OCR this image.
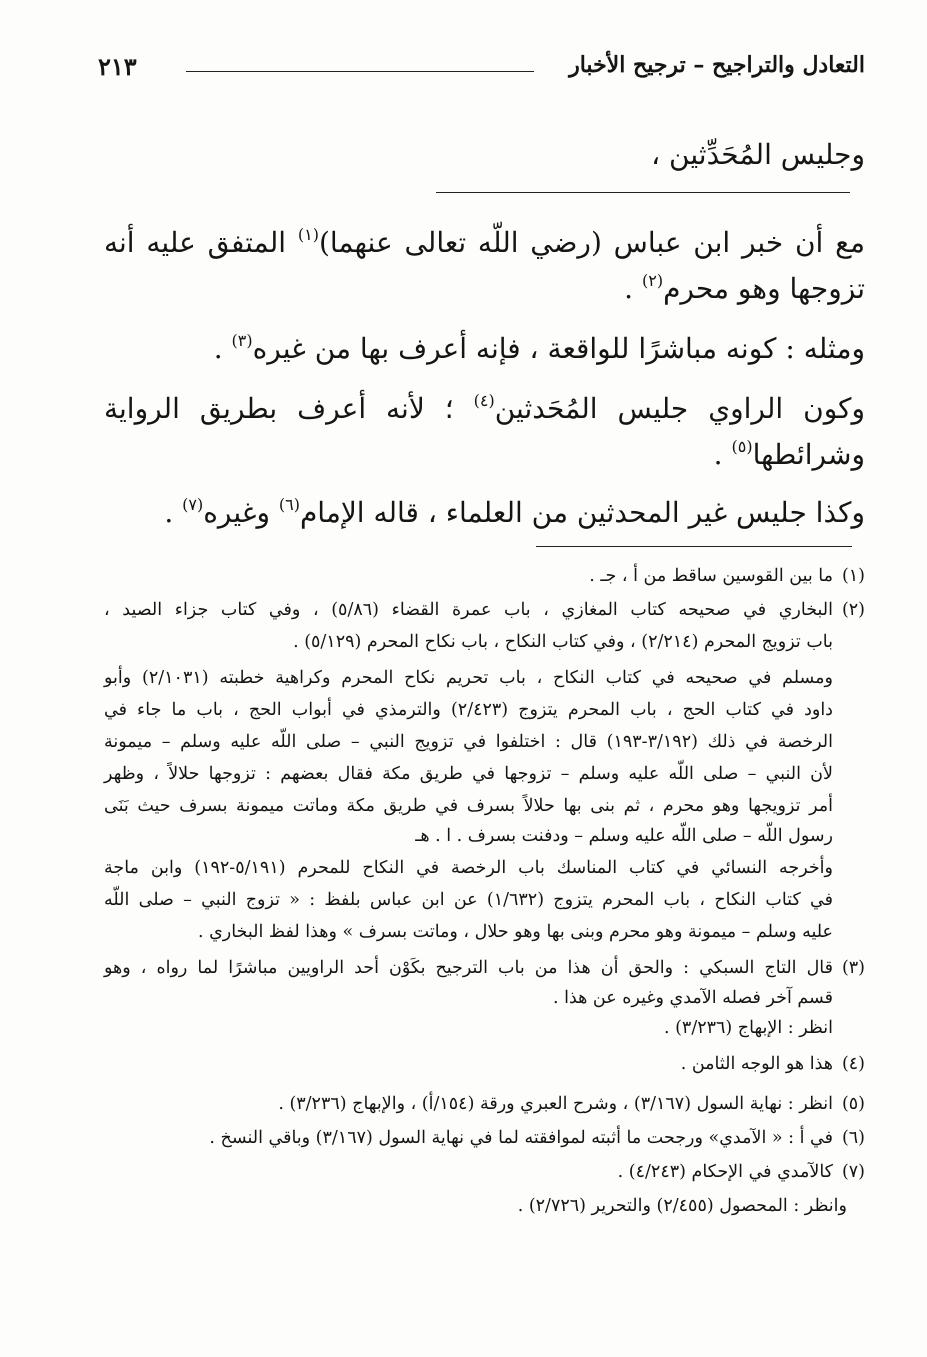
التعادل والتراجيح – ترجيح الأخبار
٢١٣
وجليس المُحَدِّثين ،
مع أن خبر ابن عباس (رضي اللّه تعالى عنهما)$^{(١)}$ المتفق عليه أنه
تزوجها وهو محرم$^{(٢)}$ .
ومثله : كونه مباشرًا للواقعة ، فإنه أعرف بها من غيره$^{(٣)}$ .
وكون الراوي جليس المُحَدثين$^{(٤)}$ ؛ لأنه أعرف بطريق الرواية
وشرائطها$^{(٥)}$ .
وكذا جليس غير المحدثين من العلماء ، قاله الإمام$^{(٦)}$ وغيره$^{(٧)}$ .
(١)ما بين القوسين ساقط من أ ، جـ .
(٢)البخاري في صحيحه كتاب المغازي ، باب عمرة القضاء (٥/٨٦) ، وفي كتاب جزاء الصيد ،
باب تزويج المحرم (٢/٢١٤) ، وفي كتاب النكاح ، باب نكاح المحرم (٥/١٢٩) .
ومسلم في صحيحه في كتاب النكاح ، باب تحريم نكاح المحرم وكراهية خطبته (٢/١٠٣١) وأبو
داود في كتاب الحج ، باب المحرم يتزوج (٢/٤٢٣) والترمذي في أبواب الحج ، باب ما جاء في
الرخصة في ذلك (٣/١٩٢-١٩٣) قال : اختلفوا في تزويج النبي – صلى اللّه عليه وسلم – ميمونة
لأن النبي – صلى اللّه عليه وسلم – تزوجها في طريق مكة فقال بعضهم : تزوجها حلالاً ، وظهر
أمر تزويجها وهو محرم ، ثم بنى بها حلالاً بسرف في طريق مكة وماتت ميمونة بسرف حيث بَنَى
رسول اللّه – صلى اللّه عليه وسلم – ودفنت بسرف . ا . هـ
وأخرجه النسائي في كتاب المناسك باب الرخصة في النكاح للمحرم (٥/١٩١-١٩٢) وابن ماجة
في كتاب النكاح ، باب المحرم يتزوج (١/٦٣٢) عن ابن عباس بلفظ : « تزوج النبي – صلى اللّه
عليه وسلم – ميمونة وهو محرم وبنى بها وهو حلال ، وماتت بسرف » وهذا لفظ البخاري .
(٣)قال التاج السبكي : والحق أن هذا من باب الترجيح بكَوْن أحد الراويين مباشرًا لما رواه ، وهو
قسم آخر فصله الآمدي وغيره عن هذا .
انظر : الإبهاج (٣/٢٣٦) .
(٤)هذا هو الوجه الثامن .
(٥)انظر : نهاية السول (٣/١٦٧) ، وشرح العبري ورقة (١٥٤/أ) ، والإبهاج (٣/٢٣٦) .
(٦)في أ : « الآمدي» ورجحت ما أثبته لموافقته لما في نهاية السول (٣/١٦٧) وباقي النسخ .
(٧)كالآمدي في الإحكام (٤/٢٤٣) .
وانظر : المحصول (٢/٤٥٥) والتحرير (٢/٧٢٦) .
